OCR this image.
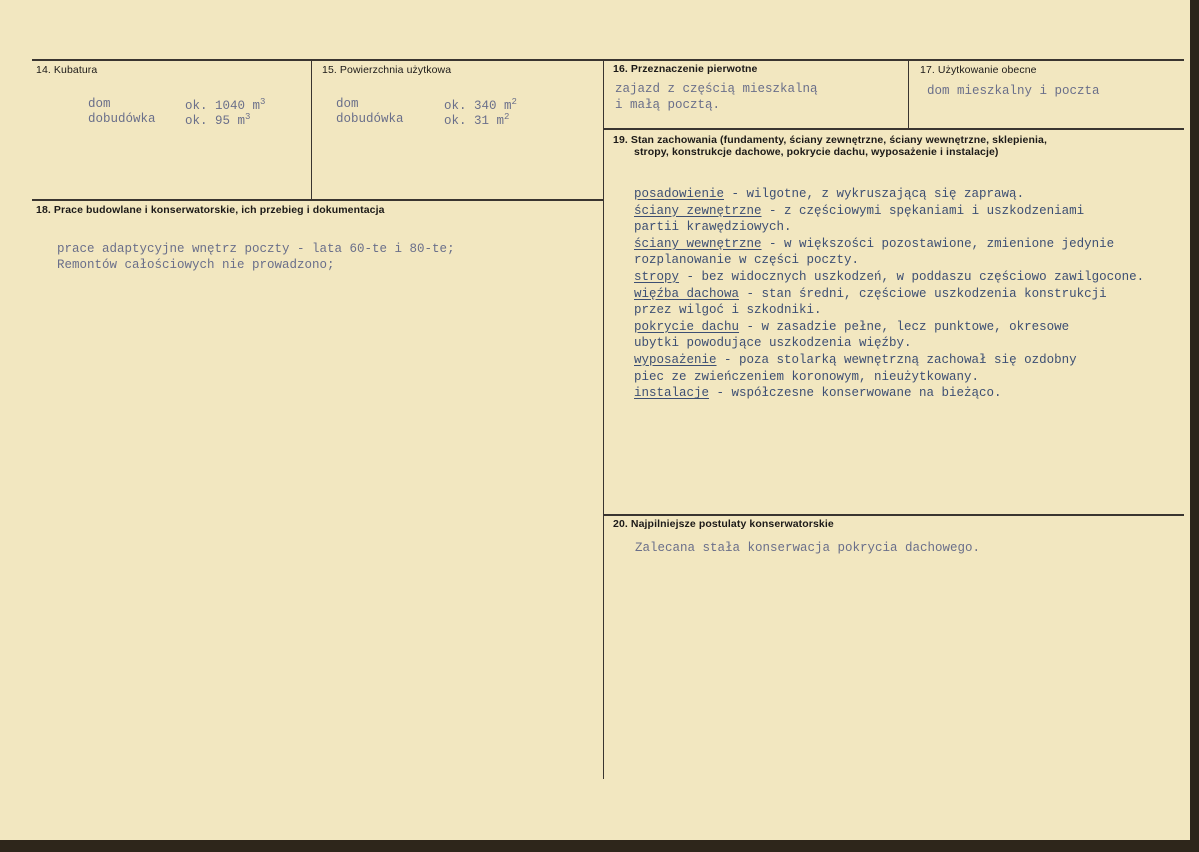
14. Kubatura
dom	ok. 1040 $m^3$
dobudówka ok. 95 $m^3$
15. Powierzchnia użytkowa
dom	ok. 340 $m^2$
dobudówka	ok. 31 $m^2$
16. Przeznaczenie pierwotne
zajazd z częścią mieszkalną
i małą pocztą.
17. Użytkowanie obecne
dom mieszkalny i poczta
18. Prace budowlane i konserwatorskie, ich przebieg i dokumentacja
prace adaptycyjne wnętrz poczty - lata 60-te i 80-te;
Remontów całościowych nie prowadzono;
19. Stan zachowania (fundamenty, ściany zewnętrzne, ściany wewnętrzne, sklepienia,
stropy, konstrukcje dachowe, pokrycie dachu, wyposażenie i instalacje)
posadowienie - wilgotne, z wykruszającą się zaprawą.
ściany zewnętrzne - z częściowymi spękaniami i uszkodzeniami
partii krawędziowych.
ściany wewnętrzne - w większości pozostawione, zmienione jedynie
rozplanowanie w części poczty.
stropy - bez widocznych uszkodzeń, w poddaszu częściowo zawilgocone.
więźba dachowa - stan średni, częściowe uszkodzenia konstrukcji
przez wilgoć i szkodniki.
pokrycie dachu - w zasadzie pełne, lecz punktowe, okresowe
ubytki powodujące uszkodzenia więźby.
wyposażenie - poza stolarką wewnętrzną zachował się ozdobny
piec ze zwieńczeniem koronowym, nieużytkowany.
instalacje - współczesne konserwowane na bieżąco.
20. Najpilniejsze postulaty konserwatorskie
Zalecana stała konserwacja pokrycia dachowego.
